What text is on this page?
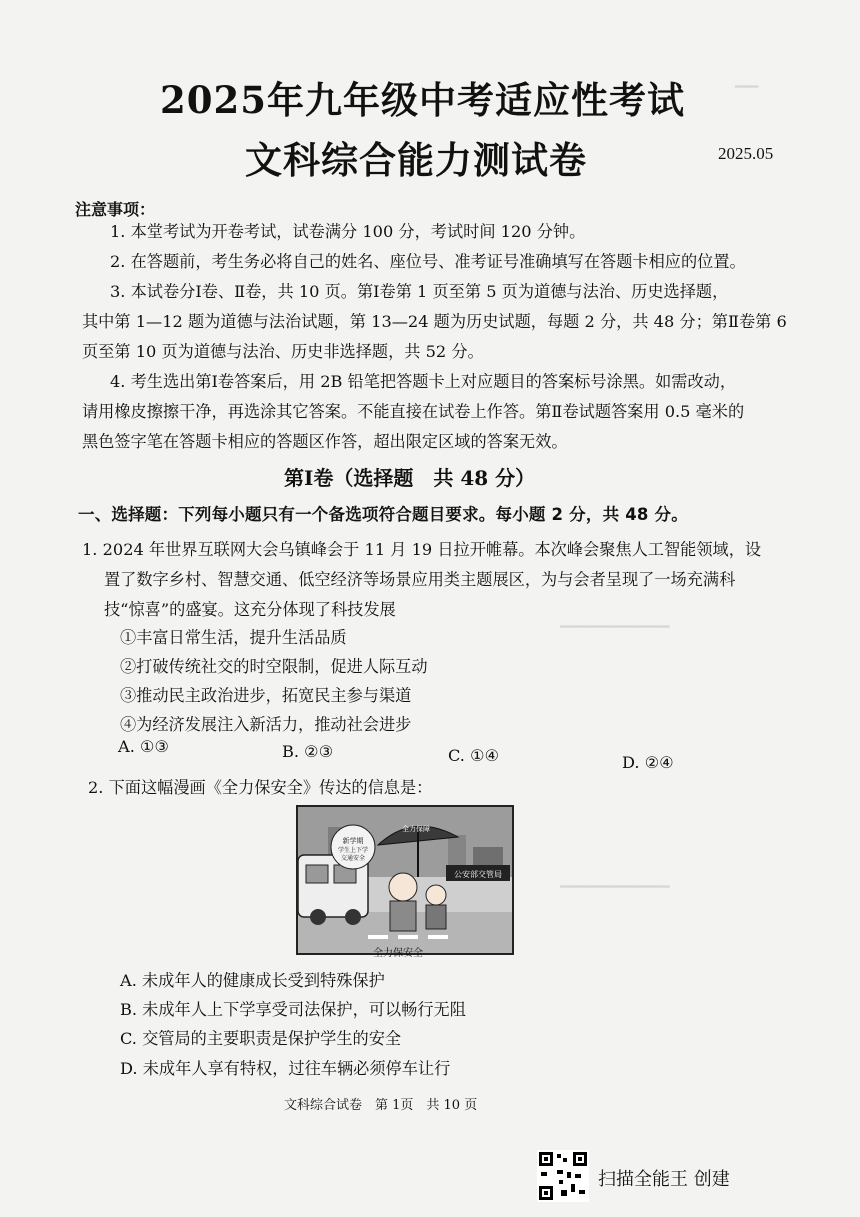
━━━
━━━━━━━━━━━━━━
━━━━━━━━━━━━━━
2025年九年级中考适应性考试
文科综合能力测试卷	2025.05
注意事项：
1. 本堂考试为开卷考试，试卷满分 100 分，考试时间 120 分钟。
2. 在答题前，考生务必将自己的姓名、座位号、准考证号准确填写在答题卡相应的位置。
3. 本试卷分Ⅰ卷、Ⅱ卷，共 10 页。第Ⅰ卷第 1 页至第 5 页为道德与法治、历史选择题，
其中第 1—12 题为道德与法治试题，第 13—24 题为历史试题，每题 2 分，共 48 分；第Ⅱ卷第 6
页至第 10 页为道德与法治、历史非选择题，共 52 分。
4. 考生选出第Ⅰ卷答案后，用 2B 铅笔把答题卡上对应题目的答案标号涂黑。如需改动，
请用橡皮擦擦干净，再选涂其它答案。不能直接在试卷上作答。第Ⅱ卷试题答案用 0.5 毫米的
黑色签字笔在答题卡相应的答题区作答，超出限定区域的答案无效。
第Ⅰ卷（选择题　共 48 分）
一、选择题：下列每小题只有一个备选项符合题目要求。每小题 2 分，共 48 分。
1. 2024 年世界互联网大会乌镇峰会于 11 月 19 日拉开帷幕。本次峰会聚焦人工智能领域，设
置了数字乡村、智慧交通、低空经济等场景应用类主题展区，为与会者呈现了一场充满科
技“惊喜”的盛宴。这充分体现了科技发展
①丰富日常生活，提升生活品质
②打破传统社交的时空限制，促进人际互动
③推动民主政治进步，拓宽民主参与渠道
④为经济发展注入新活力，推动社会进步
A. ①③	B. ②③	C. ①④	D. ②④
2. 下面这幅漫画《全力保安全》传达的信息是：
新学期
学生上下学
交通安全
全力保障
公安部交管局
全力保安全
A. 未成年人的健康成长受到特殊保护
B. 未成年人上下学享受司法保护，可以畅行无阻
C. 交管局的主要职责是保护学生的安全
D. 未成年人享有特权，过往车辆必须停车让行
文科综合试卷　第 1页　共 10 页
扫描全能王 创建
